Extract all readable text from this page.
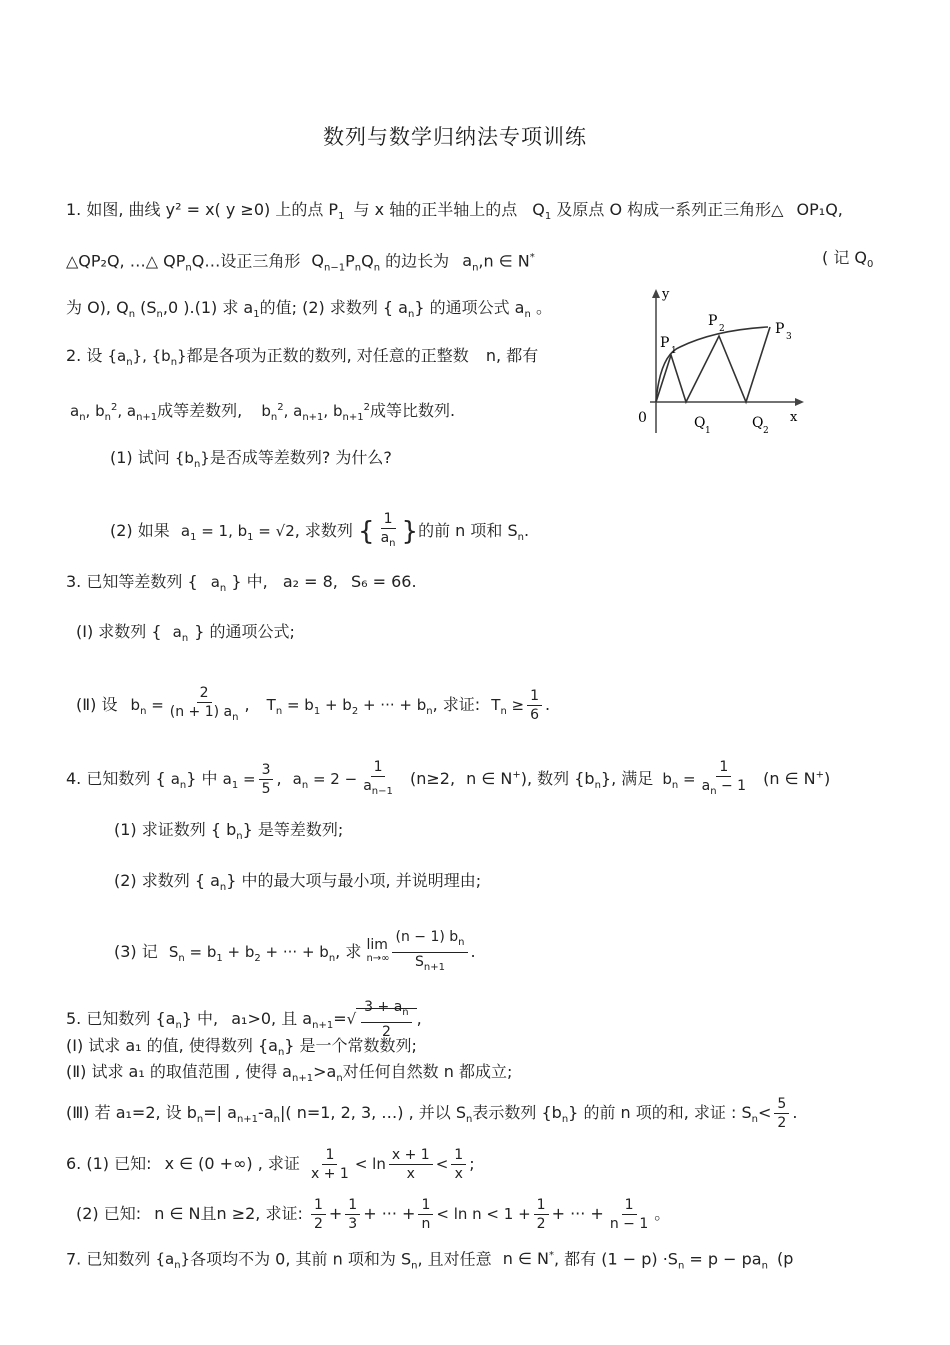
数列与数学归纳法专项训练
1. 如图, 曲线 y² = x( y ≥0) 上的点 $P_1$ 与 x 轴的正半轴上的点 $Q_1$ 及原点 O 构成一系列正三角形△ OP₁Q,
△QP₂Q, …△ $QP_nQ\dots$设正三角形 $Q_{n-1}P_nQ_n$ 的边长为 $a_n,n$ ∈ N*	( 记 $Q_0$
为 O), $Q_n$ ($S_n,0$ ).(1) 求 $a_1$的值; (2) 求数列 { $a_n$} 的通项公式 $a_n$ 。
y
x
0
P 1
P 2	P 3
Q 1	Q 2
2. 设 $\{a_n\}$, $\{b_n\}$都是各项为正数的数列, 对任意的正整数 n, 都有
$a_n$, $b_n^2$, $a_{n+1}$成等差数列, $b_n^2$, $a_{n+1}$, $b_{n+1}^2$成等比数列.
(1) 试问 $\{b_n\}$是否成等差数列? 为什么?
(2) 如果 $a_1 = 1$, $b_1 = √2$, 求数列 { $\frac{1}{a_n}$ }的前 n 项和 $S_n$.
3. 已知等差数列 { $a_n$ } 中, a₂ = 8, S₆ = 66.
(Ⅰ) 求数列 { $a_n$ } 的通项公式;
(Ⅱ) 设 $b_n = \frac{2}{(n + 1) a_n}$ , $T_n = b_1 + b_2$ + ··· + $b_n$, 求证: $T_n \ge \frac{1}{6}$ .
4. 已知数列 { $a_n$} 中 $a_1 = \frac{3}{5}$ , $a_n = 2 - \frac{1}{a_{n-1}} (n\ge 2$, n ∈ N+), 数列 $\{b_n\}$, 满足 $b_n = \frac{1}{a_n - 1} (n$ ∈ N+)
(1) 求证数列 { $b_n$} 是等差数列;
(2) 求数列 { $a_n$} 中的最大项与最小项, 并说明理由;
(3) 记 $S_n = b_1 + b_2$ + ··· + $b_n$, 求 lim
$n\to\infty \frac{(n - 1) b_n}{S_{n+1}}$ .
5. 已知数列 $\{a_n\}$ 中, a₁>0, 且 $a_{n+1}=√ \frac{3 + a_n}{2}$ ,
(Ⅰ) 试求 a₁ 的值, 使得数列 $\{a_n\}$ 是一个常数数列;
(Ⅱ) 试求 a₁ 的取值范围 , 使得 $a_{n+1}>a_n$对任何自然数 n 都成立;
(Ⅲ) 若 a₁=2, 设 $b_n=|$ $a_{n+1}-a_n|$( n=1, 2, 3, …) , 并以 $S_n$表示数列 $\{b_n\}$ 的前 n 项的和, 求证 : $S_n< \frac{5}{2}$ .
6. (1) 已知: x ∈ (0 +∞) , 求证 $\frac{1}{x + 1} < \ln \frac{x + 1}{x} < \frac{1}{x}$ ;
(2) 已知: n ∈ N且n ≥2, 求证: $\frac{1}{2} + \frac{1}{3}$ + ··· + $\frac{1}{n} < \ln n < 1 + \frac{1}{2}$ + ··· + $\frac{1}{n - 1}$ 。
7. 已知数列 $\{a_n\}$各项均不为 0, 其前 n 项和为 $S_n$, 且对任意 n ∈ N*, 都有 $(1 - p) \cdot S_n = p - pa_n$ (p
